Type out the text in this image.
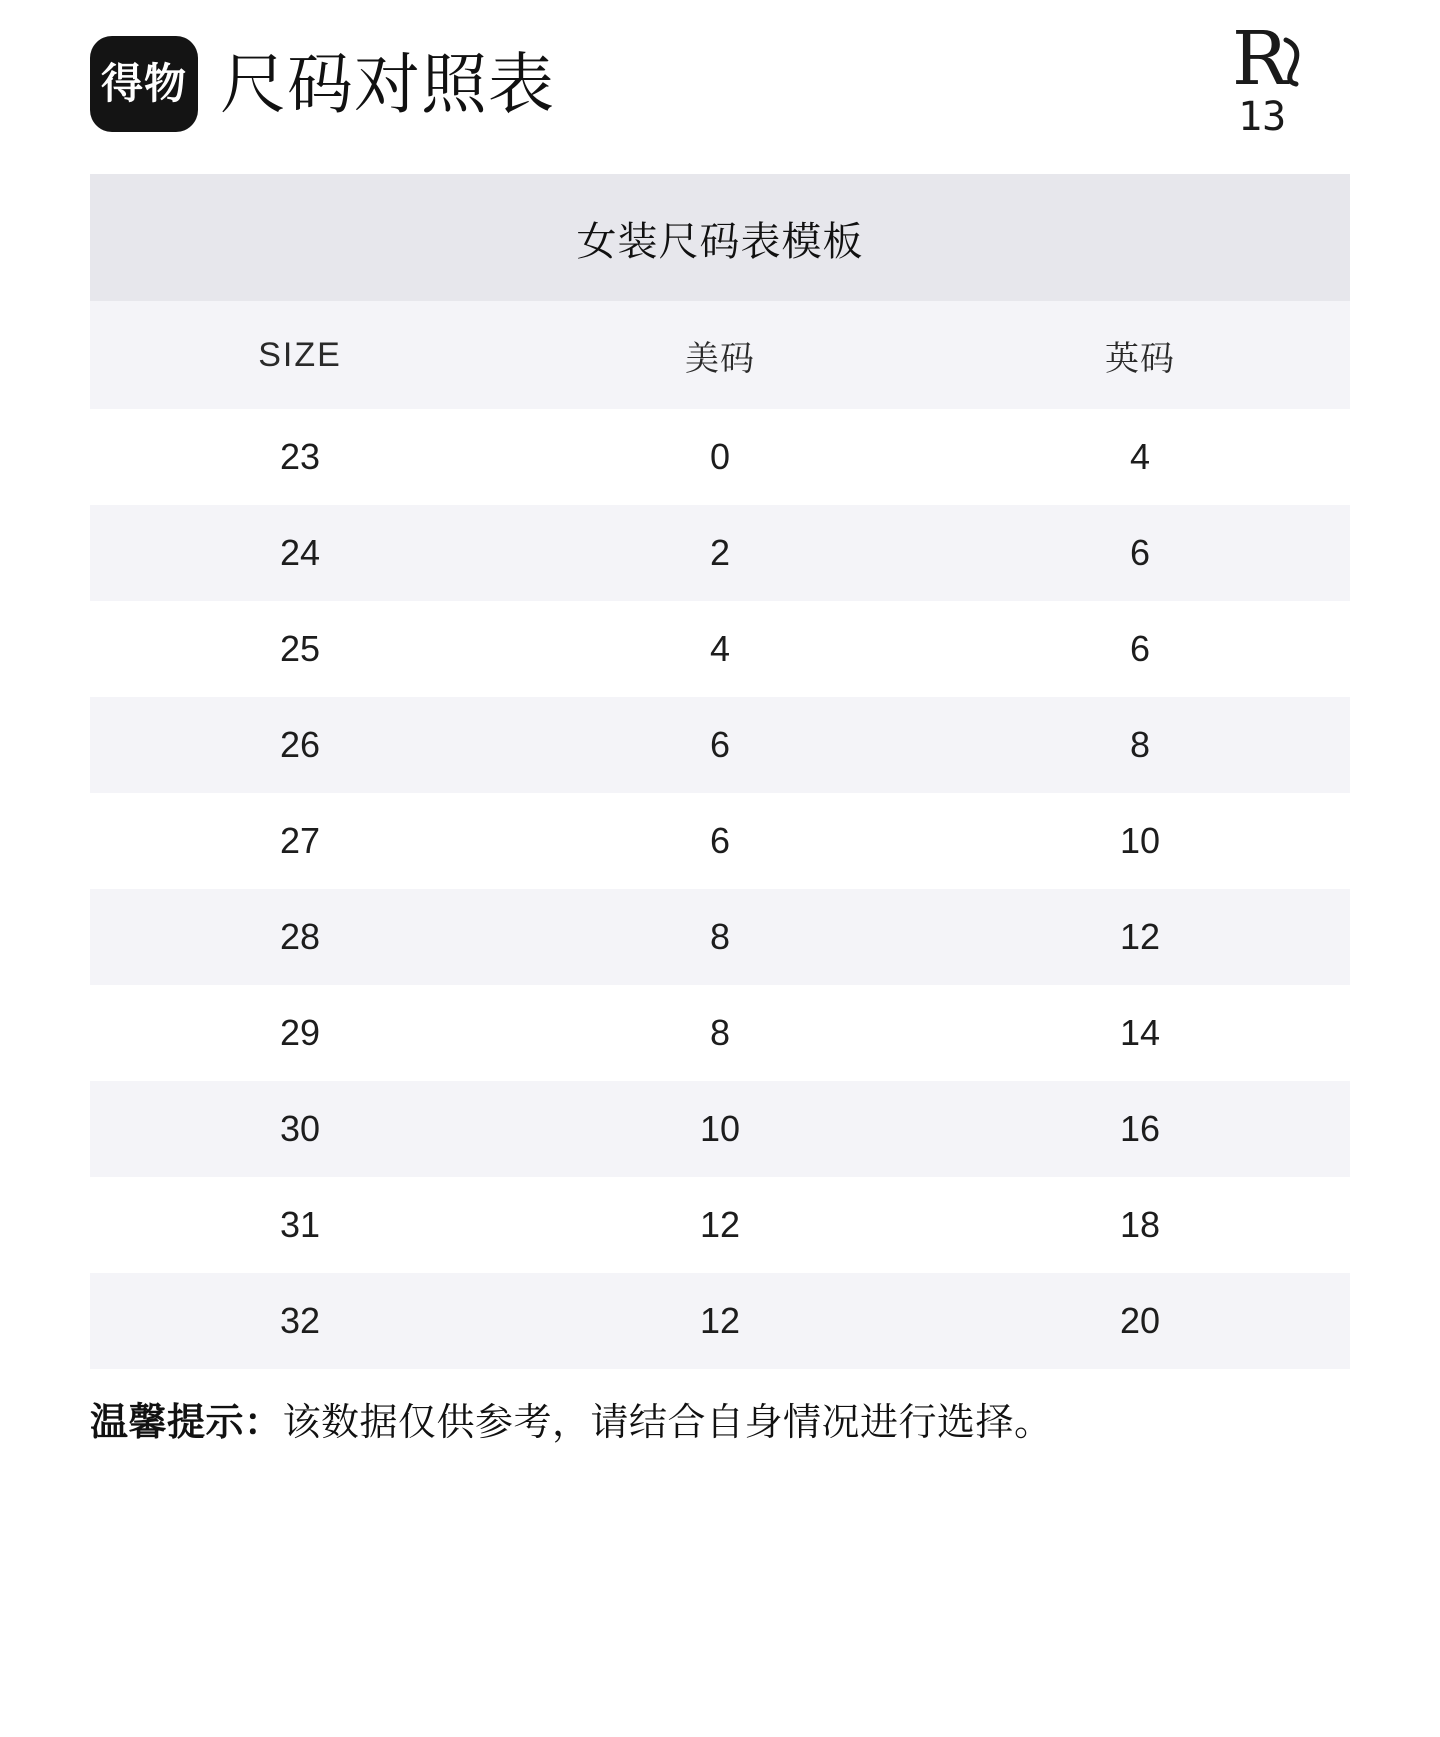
得物 尺码对照表	R
13
女装尺码表模板
SIZE	美码	英码
23	0	4
24	2	6
25	4	6
26	6	8
27	6	10
28	8	12
29	8	14
30	10	16
31	12	18
32	12	20
温馨提示：该数据仅供参考，请结合自身情况进行选择。
